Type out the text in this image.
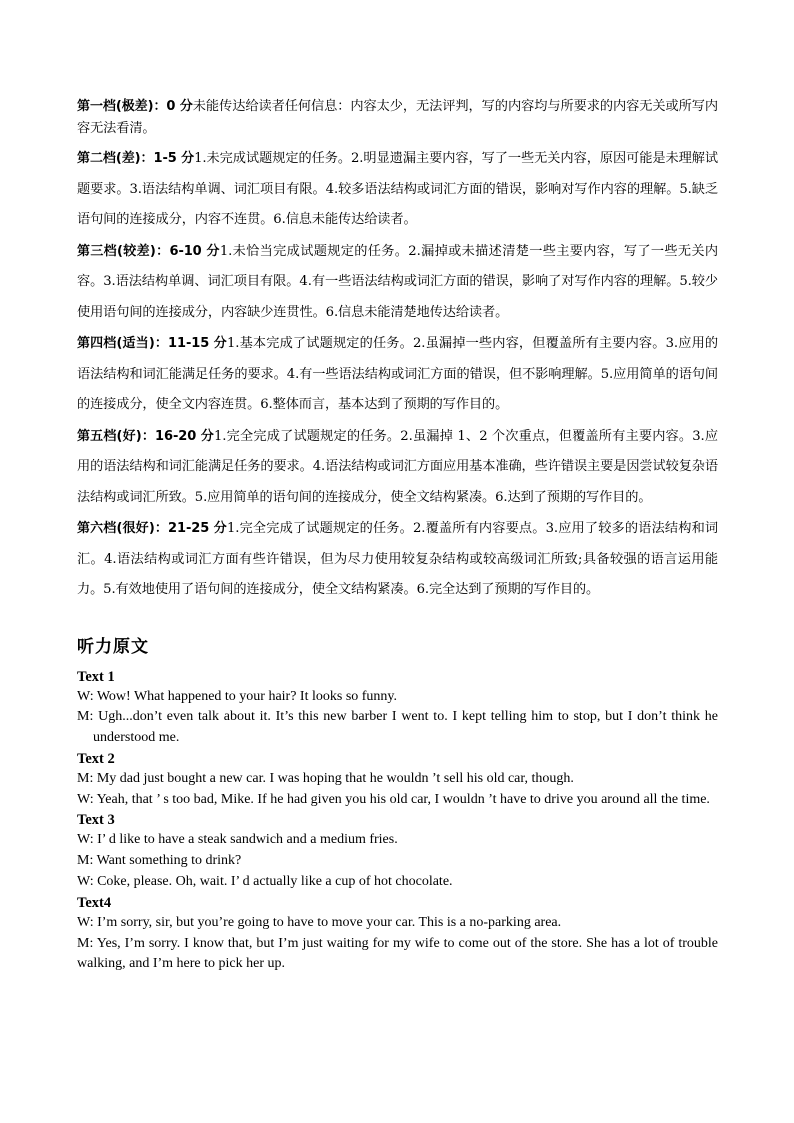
第一档(极差)：0 分未能传达给读者任何信息：内容太少，无法评判，写的内容均与所要求的内容无关或所写内容无法看清。

第二档(差)：1-5 分1.未完成试题规定的任务。2.明显遗漏主要内容，写了一些无关内容，原因可能是未理解试题要求。3.语法结构单调、词汇项目有限。4.较多语法结构或词汇方面的错误，影响对写作内容的理解。5.缺乏语句间的连接成分，内容不连贯。6.信息未能传达给读者。

第三档(较差)：6-10 分1.未恰当完成试题规定的任务。2.漏掉或未描述清楚一些主要内容，写了一些无关内容。3.语法结构单调、词汇项目有限。4.有一些语法结构或词汇方面的错误，影响了对写作内容的理解。5.较少使用语句间的连接成分，内容缺少连贯性。6.信息未能清楚地传达给读者。

第四档(适当)：11-15 分1.基本完成了试题规定的任务。2.虽漏掉一些内容，但覆盖所有主要内容。3.应用的语法结构和词汇能满足任务的要求。4.有一些语法结构或词汇方面的错误，但不影响理解。5.应用简单的语句间的连接成分，使全文内容连贯。6.整体而言，基本达到了预期的写作目的。

第五档(好)：16-20 分1.完全完成了试题规定的任务。2.虽漏掉 1、2 个次重点，但覆盖所有主要内容。3.应用的语法结构和词汇能满足任务的要求。4.语法结构或词汇方面应用基本准确，些许错误主要是因尝试较复杂语法结构或词汇所致。5.应用简单的语句间的连接成分，使全文结构紧凑。6.达到了预期的写作目的。

第六档(很好)：21-25 分1.完全完成了试题规定的任务。2.覆盖所有内容要点。3.应用了较多的语法结构和词汇。4.语法结构或词汇方面有些许错误，但为尽力使用较复杂结构或较高级词汇所致;具备较强的语言运用能力。5.有效地使用了语句间的连接成分，使全文结构紧凑。6.完全达到了预期的写作目的。

听力原文

Text 1

W: Wow! What happened to your hair? It looks so funny.

M: Ugh...don’t even talk about it. It’s this new barber I went to. I kept telling him to stop, but I don’t think he understood me.

Text 2

M: My dad just bought a new car. I was hoping that he wouldn ’t sell his old car, though.

W: Yeah, that ’ s too bad, Mike. If he had given you his old car, I wouldn ’t have to drive you around all the time.

Text 3

W: I’ d like to have a steak sandwich and a medium fries.

M: Want something to drink?

W: Coke, please. Oh, wait. I’ d actually like a cup of hot chocolate.

Text4

W: I’m sorry, sir, but you’re going to have to move your car. This is a no-parking area.

M: Yes, I’m sorry. I know that, but I’m just waiting for my wife to come out of the store. She has a lot of trouble walking, and I’m here to pick her up.
